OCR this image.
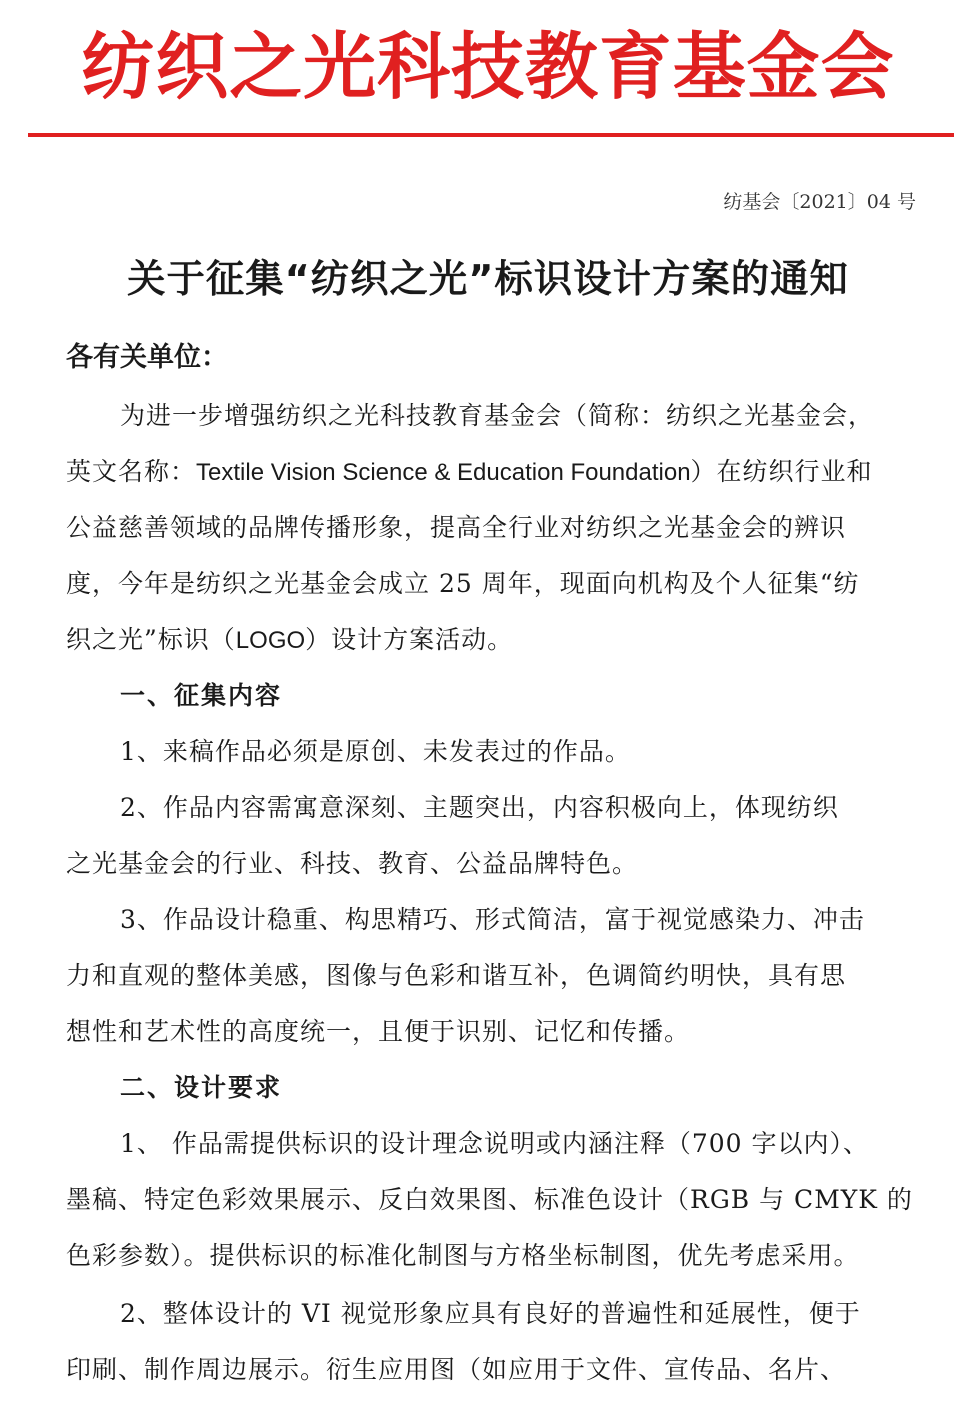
纺织之光科技教育基金会
纺基会〔2021〕04 号
关于征集“纺织之光”标识设计方案的通知
各有关单位：
为进一步增强纺织之光科技教育基金会（简称：纺织之光基金会，
英文名称：Textile Vision Science & Education Foundation）在纺织行业和
公益慈善领域的品牌传播形象，提高全行业对纺织之光基金会的辨识
度，今年是纺织之光基金会成立 25 周年，现面向机构及个人征集“纺
织之光”标识（LOGO）设计方案活动。
一、征集内容
1、来稿作品必须是原创、未发表过的作品。
2、作品内容需寓意深刻、主题突出，内容积极向上，体现纺织
之光基金会的行业、科技、教育、公益品牌特色。
3、作品设计稳重、构思精巧、形式简洁，富于视觉感染力、冲击
力和直观的整体美感，图像与色彩和谐互补，色调简约明快，具有思
想性和艺术性的高度统一，且便于识别、记忆和传播。
二、设计要求
1、 作品需提供标识的设计理念说明或内涵注释（700 字以内）、
墨稿、特定色彩效果展示、反白效果图、标准色设计（RGB 与 CMYK 的
色彩参数）。提供标识的标准化制图与方格坐标制图，优先考虑采用。
2、整体设计的 VI 视觉形象应具有良好的普遍性和延展性，便于
印刷、制作周边展示。衍生应用图（如应用于文件、宣传品、名片、
